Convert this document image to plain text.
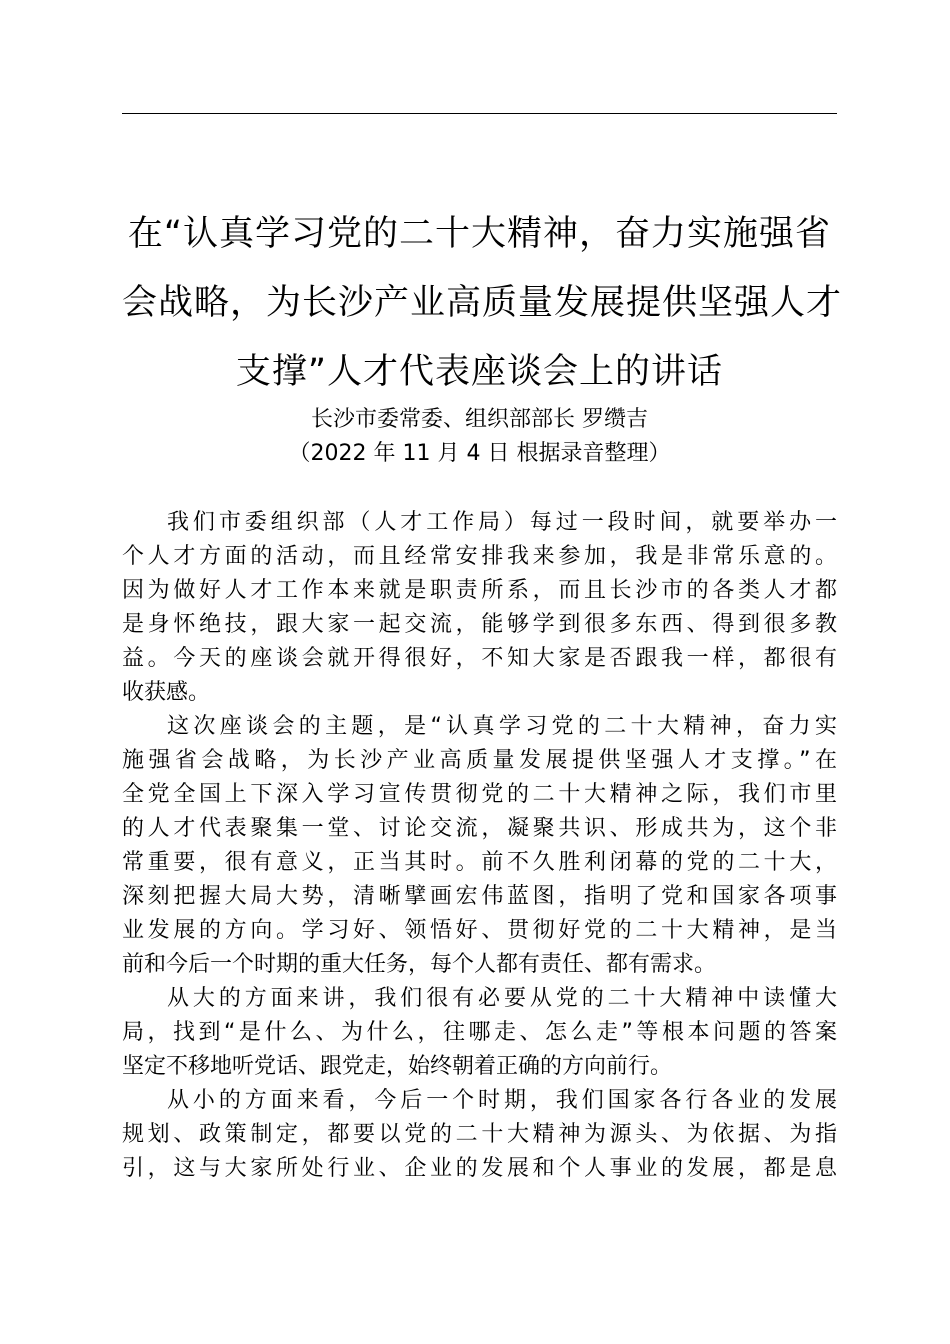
在“认真学习党的二十大精神，奋力实施强省
会战略，为长沙产业高质量发展提供坚强人才
支撑”人才代表座谈会上的讲话
长沙市委常委、组织部部长 罗缵吉
（2022 年 11 月 4 日 根据录音整理）
我们市委组织部（人才工作局）每过一段时间，就要举办一
个人才方面的活动，而且经常安排我来参加，我是非常乐意的。
因为做好人才工作本来就是职责所系，而且长沙市的各类人才都
是身怀绝技，跟大家一起交流，能够学到很多东西、得到很多教
益。今天的座谈会就开得很好，不知大家是否跟我一样，都很有
收获感。
这次座谈会的主题，是“认真学习党的二十大精神，奋力实
施强省会战略，为长沙产业高质量发展提供坚强人才支撑。”在
全党全国上下深入学习宣传贯彻党的二十大精神之际，我们市里
的人才代表聚集一堂、讨论交流，凝聚共识、形成共为，这个非
常重要，很有意义，正当其时。前不久胜利闭幕的党的二十大，
深刻把握大局大势，清晰擘画宏伟蓝图，指明了党和国家各项事
业发展的方向。学习好、领悟好、贯彻好党的二十大精神，是当
前和今后一个时期的重大任务，每个人都有责任、都有需求。
从大的方面来讲，我们很有必要从党的二十大精神中读懂大
局，找到“是什么、为什么，往哪走、怎么走”等根本问题的答案
坚定不移地听党话、跟党走，始终朝着正确的方向前行。
从小的方面来看，今后一个时期，我们国家各行各业的发展
规划、政策制定，都要以党的二十大精神为源头、为依据、为指
引，这与大家所处行业、企业的发展和个人事业的发展，都是息
